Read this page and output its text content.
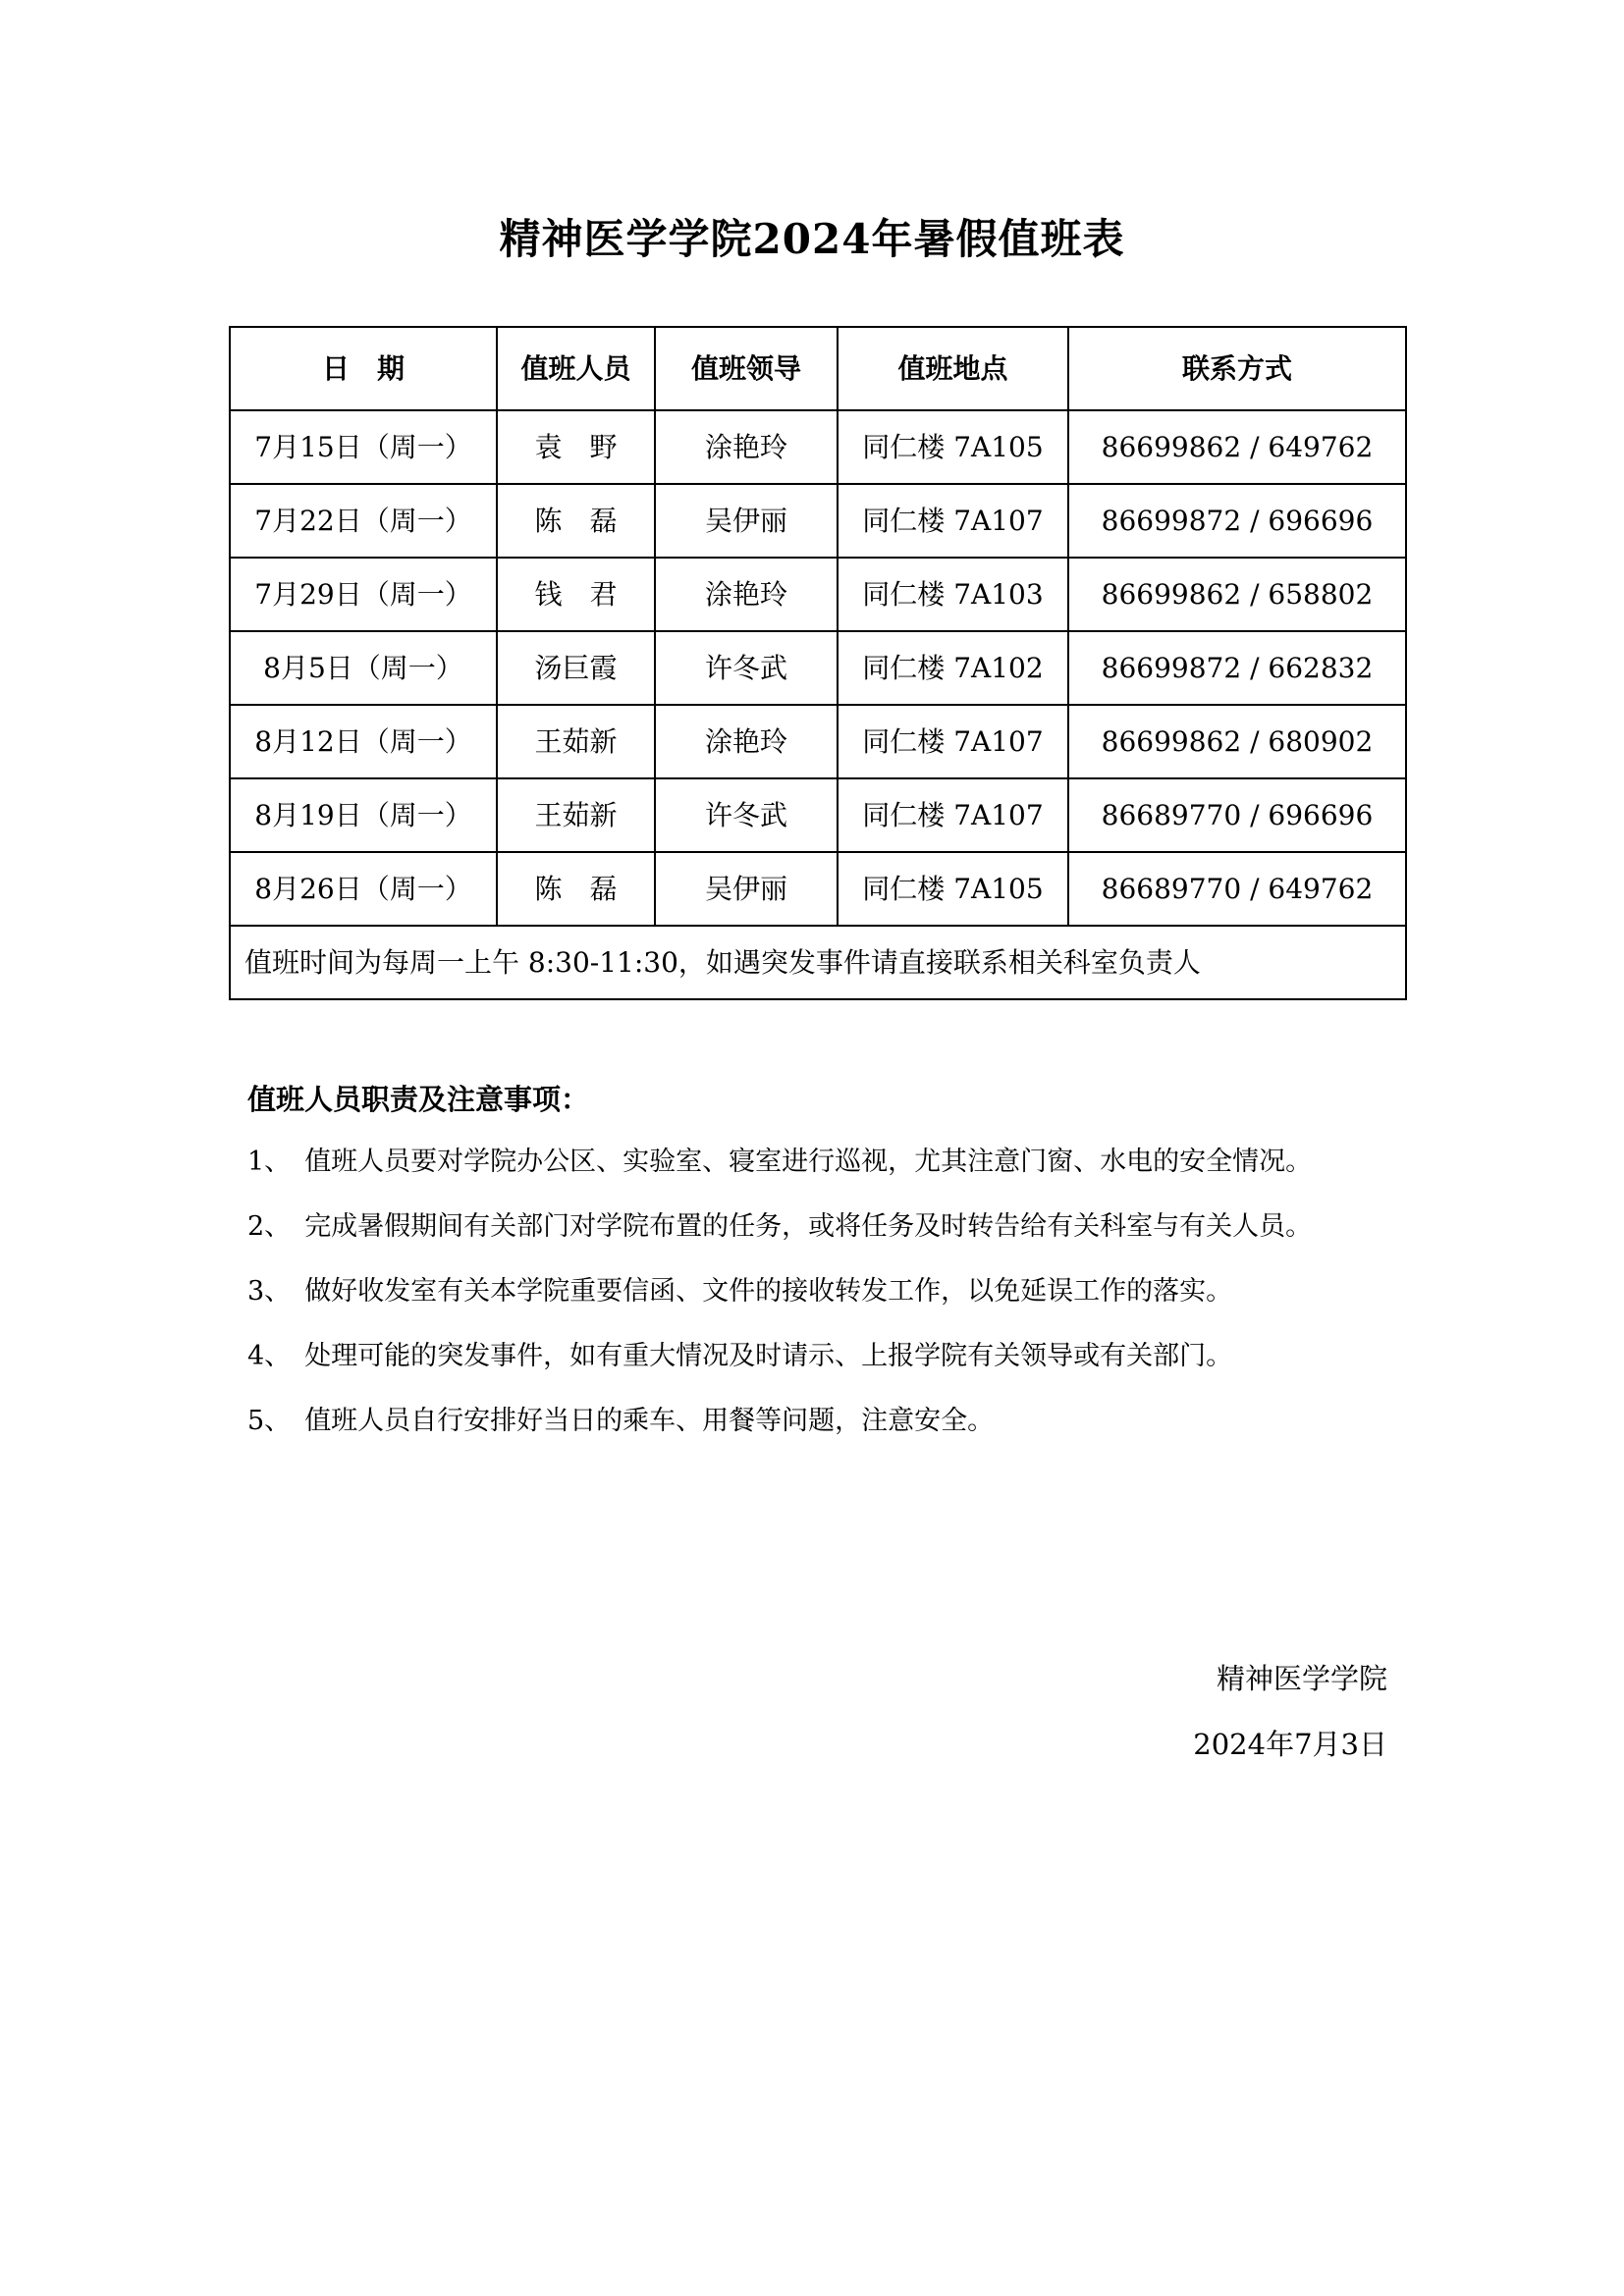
精神医学学院2024年暑假值班表
日　期	值班人员	值班领导	值班地点	联系方式
7月15日（周一）	袁　野	涂艳玲	同仁楼 7A105	86699862 / 649762
7月22日（周一）	陈　磊	吴伊丽	同仁楼 7A107	86699872 / 696696
7月29日（周一）	钱　君	涂艳玲	同仁楼 7A103	86699862 / 658802
8月5日（周一）	汤巨霞	许冬武	同仁楼 7A102	86699872 / 662832
8月12日（周一）	王茹新	涂艳玲	同仁楼 7A107	86699862 / 680902
8月19日（周一）	王茹新	许冬武	同仁楼 7A107	86689770 / 696696
8月26日（周一）	陈　磊	吴伊丽	同仁楼 7A105	86689770 / 649762
值班时间为每周一上午 8:30-11:30，如遇突发事件请直接联系相关科室负责人				
值班人员职责及注意事项：
1、 值班人员要对学院办公区、实验室、寝室进行巡视，尤其注意门窗、水电的安全情况。
2、 完成暑假期间有关部门对学院布置的任务，或将任务及时转告给有关科室与有关人员。
3、 做好收发室有关本学院重要信函、文件的接收转发工作，以免延误工作的落实。
4、 处理可能的突发事件，如有重大情况及时请示、上报学院有关领导或有关部门。
5、 值班人员自行安排好当日的乘车、用餐等问题，注意安全。
精神医学学院
2024年7月3日
